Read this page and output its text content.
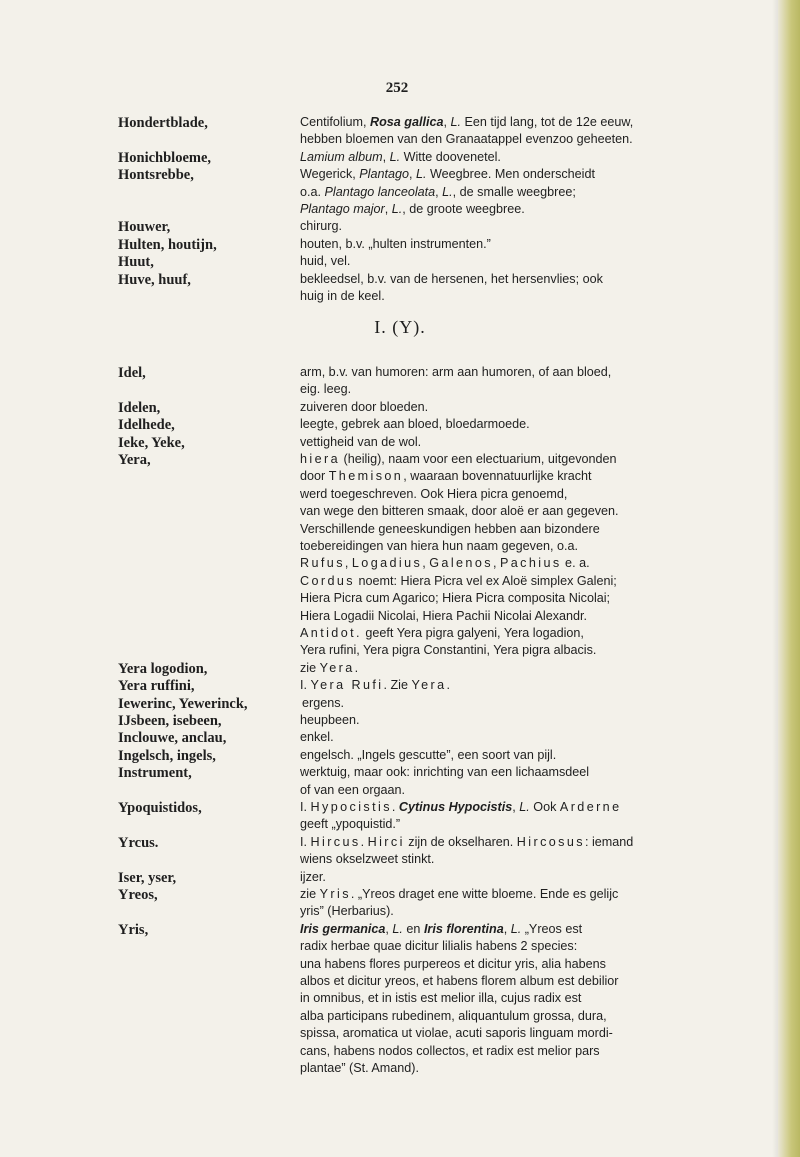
252
I. (Y).
Hondertblade,	Centifolium, Rosa gallica, L. Een tijd lang, tot de 12e eeuw,
hebben bloemen van den Granaatappel evenzoo geheeten.
Honichbloeme,	Lamium album, L. Witte doovenetel.
Hontsrebbe,	Wegerick, Plantago, L. Weegbree. Men onderscheidt
o.a. Plantago lanceolata, L., de smalle weegbree;
Plantago major, L., de groote weegbree.
Houwer,	chirurg.
Hulten, houtijn,	houten, b.v. „hulten instrumenten.”
Huut,	huid, vel.
Huve, huuf,	bekleedsel, b.v. van de hersenen, het hersenvlies; ook
huig in de keel.
Idel,	arm, b.v. van humoren: arm aan humoren, of aan bloed,
eig. leeg.
Idelen,	zuiveren door bloeden.
Idelhede,	leegte, gebrek aan bloed, bloedarmoede.
Ieke, Yeke,	vettigheid van de wol.
Yera,	hiera (heilig), naam voor een electuarium, uitgevonden
door Themison, waaraan bovennatuurlijke kracht
werd toegeschreven. Ook Hiera picra genoemd,
van wege den bitteren smaak, door aloë er aan gegeven.
Verschillende geneeskundigen hebben aan bizondere
toebereidingen van hiera hun naam gegeven, o.a.
Rufus, Logadius, Galenos, Pachius e. a.
Cordus noemt: Hiera Picra vel ex Aloë simplex Galeni;
Hiera Picra cum Agarico; Hiera Picra composita Nicolai;
Hiera Logadii Nicolai, Hiera Pachii Nicolai Alexandr.
Antidot. geeft Yera pigra galyeni, Yera logadion,
Yera rufini, Yera pigra Constantini, Yera pigra albacis.
Yera logodion,	zie Yera.
Yera ruffini,	I. Yera Rufi. Zie Yera.
Iewerinc, Yewerinck,	ergens.
IJsbeen, isebeen,	heupbeen.
Inclouwe, anclau,	enkel.
Ingelsch, ingels,	engelsch. „Ingels gescutte”, een soort van pijl.
Instrument,	werktuig, maar ook: inrichting van een lichaamsdeel
of van een orgaan.
Ypoquistidos,	I. Hypocistis. Cytinus Hypocistis, L. Ook Arderne
geeft „ypoquistid.”
Yrcus.	I. Hircus. Hirci zijn de okselharen. Hircosus: iemand
wiens okselzweet stinkt.
Iser, yser,	ijzer.
Yreos,	zie Yris. „Yreos draget ene witte bloeme. Ende es gelijc
yris” (Herbarius).
Yris,	Iris germanica, L. en Iris florentina, L. „Yreos est
radix herbae quae dicitur lilialis habens 2 species:
una habens flores purpereos et dicitur yris, alia habens
albos et dicitur yreos, et habens florem album est debilior
in omnibus, et in istis est melior illa, cujus radix est
alba participans rubedinem, aliquantulum grossa, dura,
spissa, aromatica ut violae, acuti saporis linguam mordi-
cans, habens nodos collectos, et radix est melior pars
plantae” (St. Amand).
